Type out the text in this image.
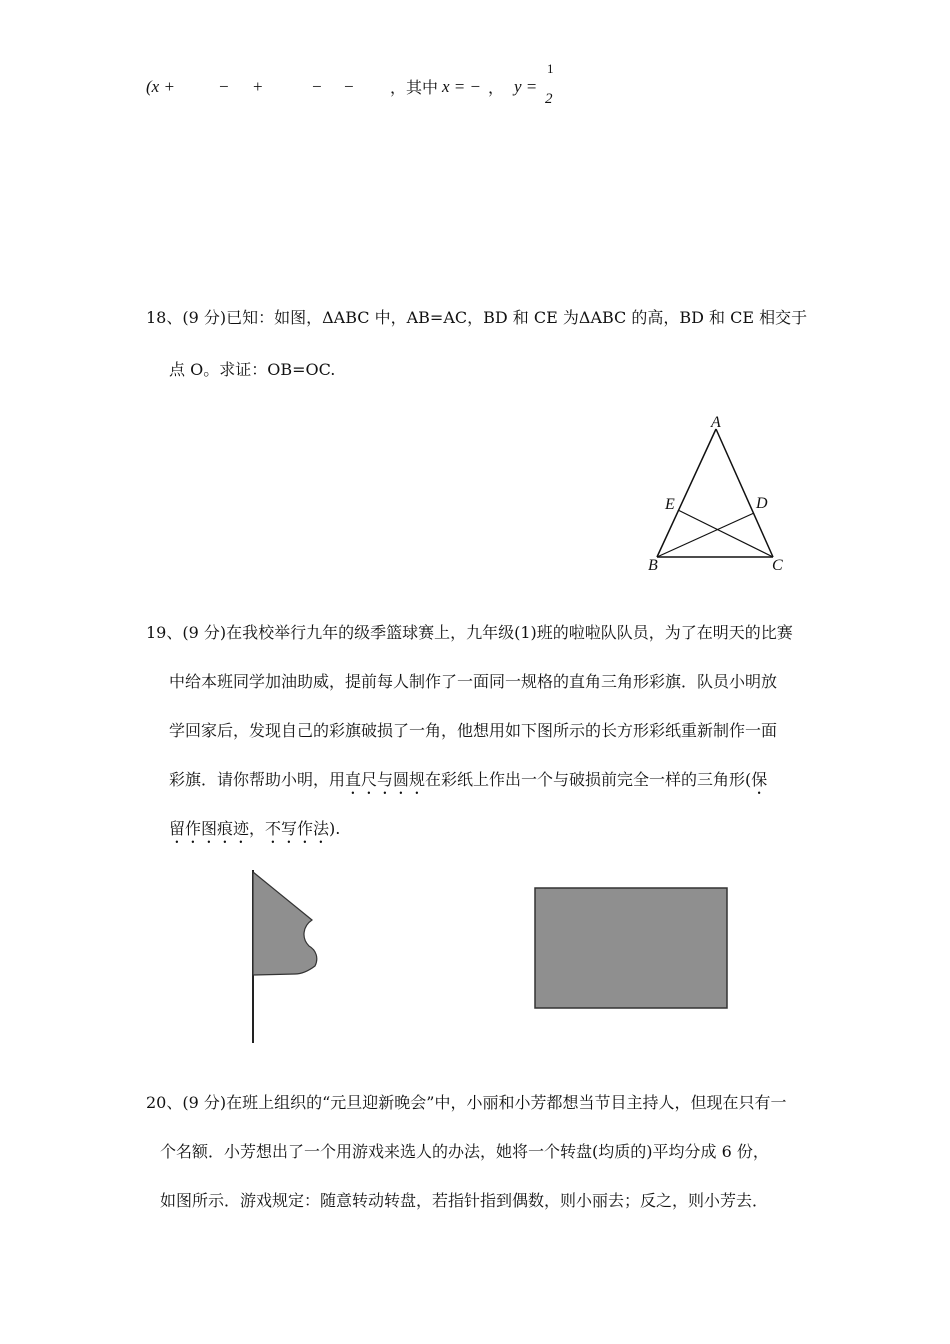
(x +	− +	− − ，其中 x = − ， y =
1
2
18、(9 分)已知：如图，ΔABC 中，AB=AC，BD 和 CE 为ΔABC 的高，BD 和 CE 相交于
点 O。求证：OB=OC.
A
E	D
B	C
19、(9 分)在我校举行九年的级季篮球赛上，九年级(1)班的啦啦队队员，为了在明天的比赛
中给本班同学加油助威，提前每人制作了一面同一规格的直角三角形彩旗．队员小明放
学回家后，发现自己的彩旗破损了一角，他想用如下图所示的长方形彩纸重新制作一面
彩旗．请你帮助小明，用直尺与圆规在彩纸上作出一个与破损前完全一样的三角形(保
留作图痕迹，不写作法).
20、(9 分)在班上组织的“元旦迎新晚会”中，小丽和小芳都想当节目主持人，但现在只有一
个名额．小芳想出了一个用游戏来选人的办法，她将一个转盘(均质的)平均分成 6 份，
如图所示．游戏规定：随意转动转盘，若指针指到偶数，则小丽去；反之，则小芳去．
